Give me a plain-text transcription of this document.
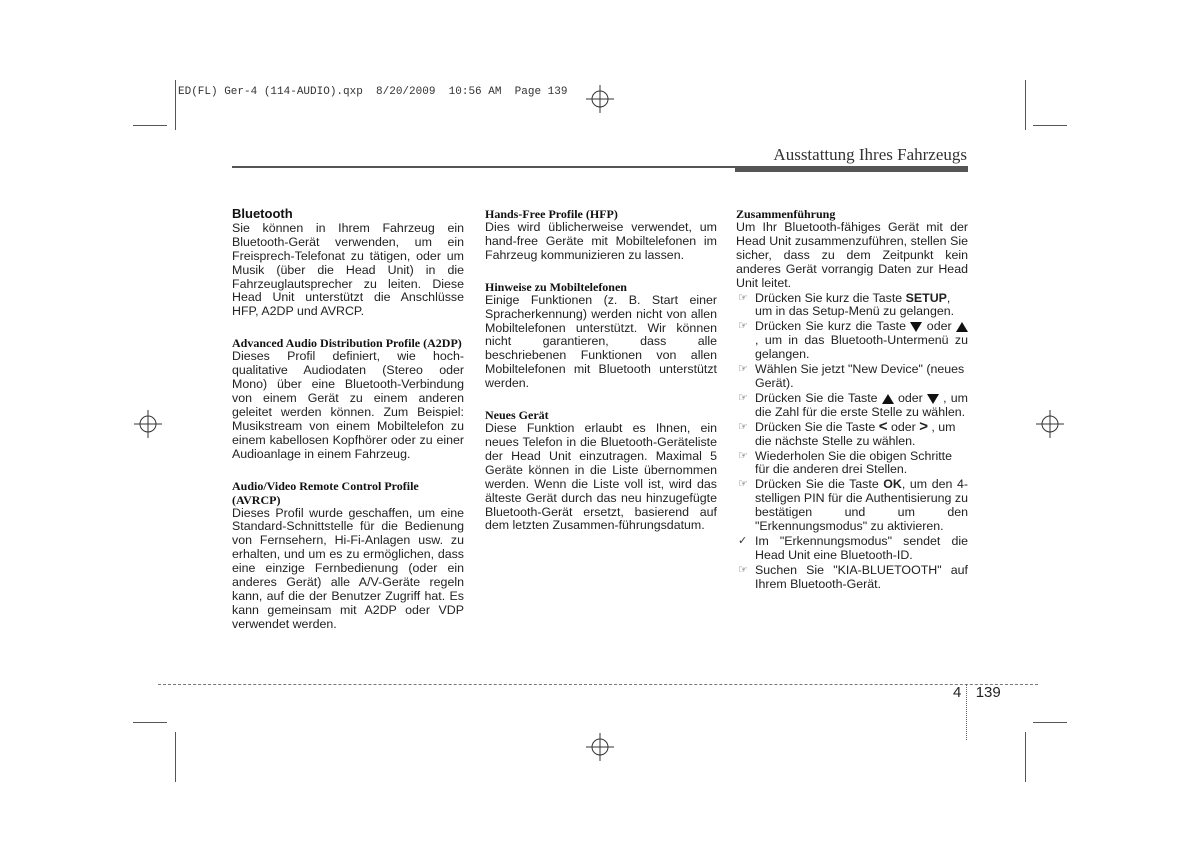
ED(FL) Ger-4 (114-AUDIO).qxp  8/20/2009  10:56 AM  Page 139
Ausstattung Ihres Fahrzeugs
Bluetooth

Sie können in Ihrem Fahrzeug ein Bluetooth-Gerät verwenden, um ein Freisprech-Telefonat zu tätigen, oder um Musik (über die Head Unit) in die Fahrzeuglautsprecher zu leiten. Diese Head Unit unterstützt die Anschlüsse HFP, A2DP und AVRCP.

Advanced Audio Distribution Profile (A2DP)

Dieses Profil definiert, wie hoch-qualitative Audiodaten (Stereo oder Mono) über eine Bluetooth-Verbindung von einem Gerät zu einem anderen geleitet werden können. Zum Beispiel: Musikstream von einem Mobiltelefon zu einem kabellosen Kopfhörer oder zu einer Audioanlage in einem Fahrzeug.

Audio/Video Remote Control Profile (AVRCP)

Dieses Profil wurde geschaffen, um eine Standard-Schnittstelle für die Bedienung von Fernsehern, Hi-Fi-Anlagen usw. zu erhalten, und um es zu ermöglichen, dass eine einzige Fernbedienung (oder ein anderes Gerät) alle A/V-Geräte regeln kann, auf die der Benutzer Zugriff hat. Es kann gemeinsam mit A2DP oder VDP verwendet werden.

Hands-Free Profile (HFP)

Dies wird üblicherweise verwendet, um hand-free Geräte mit Mobiltelefonen im Fahrzeug kommunizieren zu lassen.

Hinweise zu Mobiltelefonen

Einige Funktionen (z. B. Start einer Spracherkennung) werden nicht von allen Mobiltelefonen unterstützt. Wir können nicht garantieren, dass alle beschriebenen Funktionen von allen Mobiltelefonen mit Bluetooth unterstützt werden.

Neues Gerät

Diese Funktion erlaubt es Ihnen, ein neues Telefon in die Bluetooth-Geräteliste der Head Unit einzutragen. Maximal 5 Geräte können in die Liste übernommen werden. Wenn die Liste voll ist, wird das älteste Gerät durch das neu hinzugefügte Bluetooth-Gerät ersetzt, basierend auf dem letzten Zusammen-führungsdatum.

Zusammenführung

Um Ihr Bluetooth-fähiges Gerät mit der Head Unit zusammenzuführen, stellen Sie sicher, dass zu dem Zeitpunkt kein anderes Gerät vorrangig Daten zur Head Unit leitet.

☞ Drücken Sie kurz die Taste SETUP, um in das Setup-Menü zu gelangen.
☞ Drücken Sie kurz die Taste  oder  , um in das Bluetooth-Untermenü zu gelangen.
☞ Wählen Sie jetzt "New Device" (neues Gerät).
☞ Drücken Sie die Taste  oder  , um die Zahl für die erste Stelle zu wählen.
☞ Drücken Sie die Taste < oder > , um die nächste Stelle zu wählen.
☞ Wiederholen Sie die obigen Schritte für die anderen drei Stellen.
☞ Drücken Sie die Taste OK, um den 4-stelligen PIN für die Authentisierung zu bestätigen und um den "Erkennungsmodus" zu aktivieren.
✓ Im "Erkennungsmodus" sendet die Head Unit eine Bluetooth-ID.
☞ Suchen Sie "KIA-BLUETOOTH" auf Ihrem Bluetooth-Gerät.
4 139
